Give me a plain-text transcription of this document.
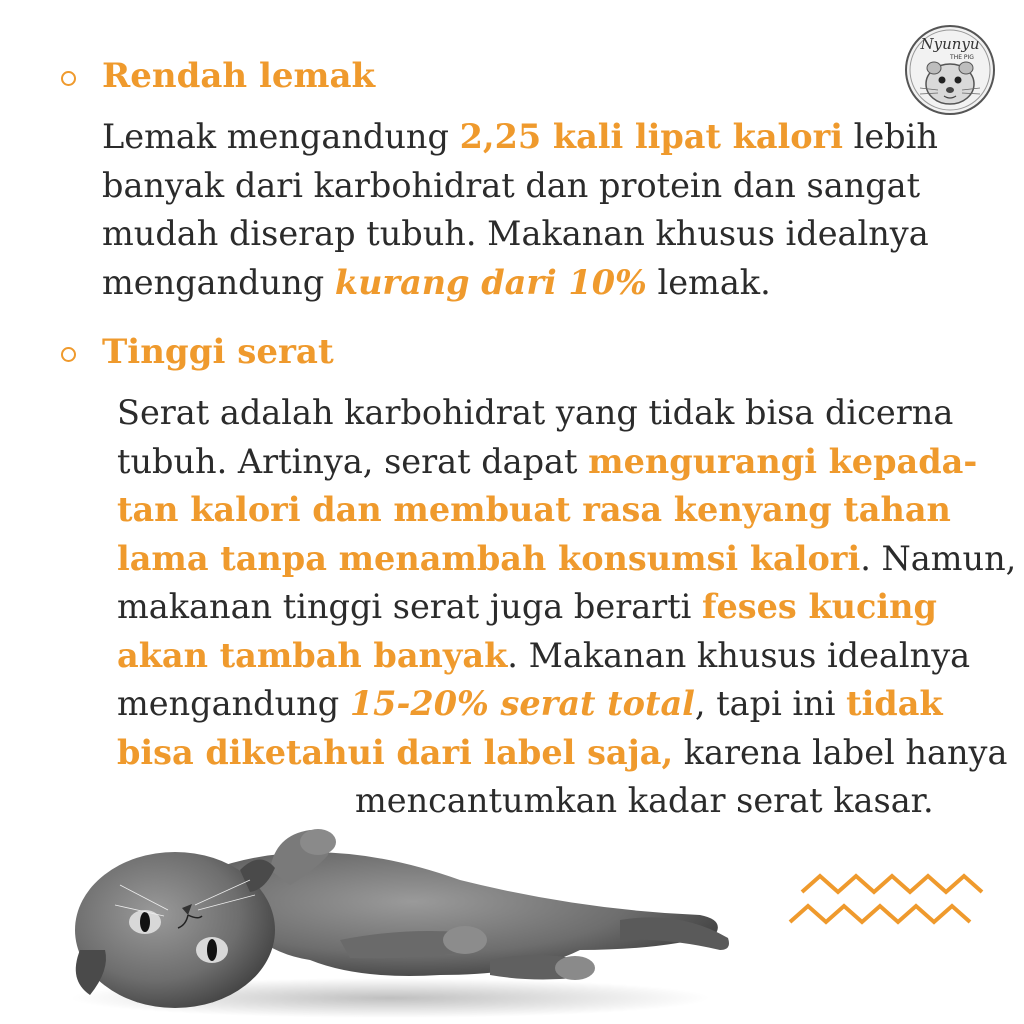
Nyunyu
THE PIG
Rendah lemak

Lemak mengandung 2,25 kali lipat kalori lebih

banyak dari karbohidrat dan protein dan sangat

mudah diserap tubuh. Makanan khusus idealnya

mengandung kurang dari 10% lemak.

Tinggi serat

Serat adalah karbohidrat yang tidak bisa dicerna

tubuh. Artinya, serat dapat mengurangi kepada-

tan kalori dan membuat rasa kenyang tahan

lama tanpa menambah konsumsi kalori. Namun,

makanan tinggi serat juga berarti feses kucing

akan tambah banyak. Makanan khusus idealnya

mengandung 15-20% serat total, tapi ini tidak

bisa diketahui dari label saja, karena label hanya

mencantumkan kadar serat kasar.
